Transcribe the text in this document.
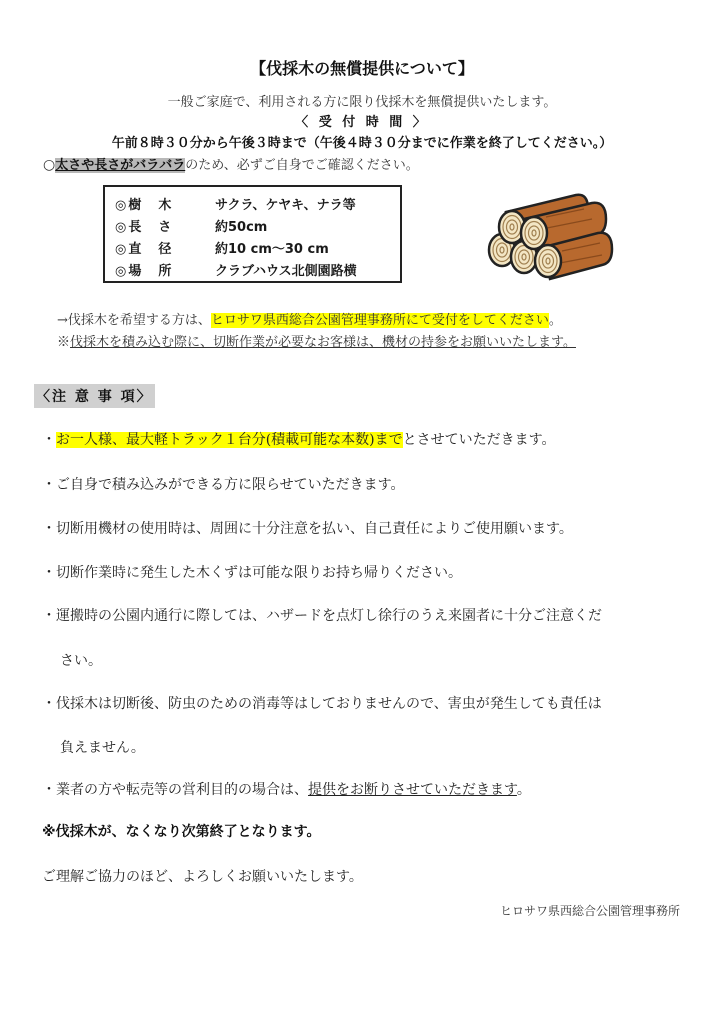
【伐採木の無償提供について】
一般ご家庭で、利用される方に限り伐採木を無償提供いたします。
〈 受 付 時 間 〉
午前８時３０分から午後３時まで（午後４時３０分までに作業を終了してください。）
○太さや長さがバラバラのため、必ずご自身でご確認ください。
◎樹　木	サクラ、ケヤキ、ナラ等
◎長　さ	約50cm
◎直　径	約10 cm〜30 cm
◎場　所	クラブハウス北側園路横
→伐採木を希望する方は、ヒロサワ県西総合公園管理事務所にて受付をしてください。
※伐採木を積み込む際に、切断作業が必要なお客様は、機材の持参をお願いいたします。
〈注 意 事 項〉
・お一人様、最大軽トラック１台分(積載可能な本数)までとさせていただきます。
・ご自身で積み込みができる方に限らせていただきます。
・切断用機材の使用時は、周囲に十分注意を払い、自己責任によりご使用願います。
・切断作業時に発生した木くずは可能な限りお持ち帰りください。
・運搬時の公園内通行に際しては、ハザードを点灯し徐行のうえ来園者に十分ご注意くだ
さい。
・伐採木は切断後、防虫のための消毒等はしておりませんので、害虫が発生しても責任は
負えません。
・業者の方や転売等の営利目的の場合は、提供をお断りさせていただきます。
※伐採木が、なくなり次第終了となります。
ご理解ご協力のほど、よろしくお願いいたします。
ヒロサワ県西総合公園管理事務所
